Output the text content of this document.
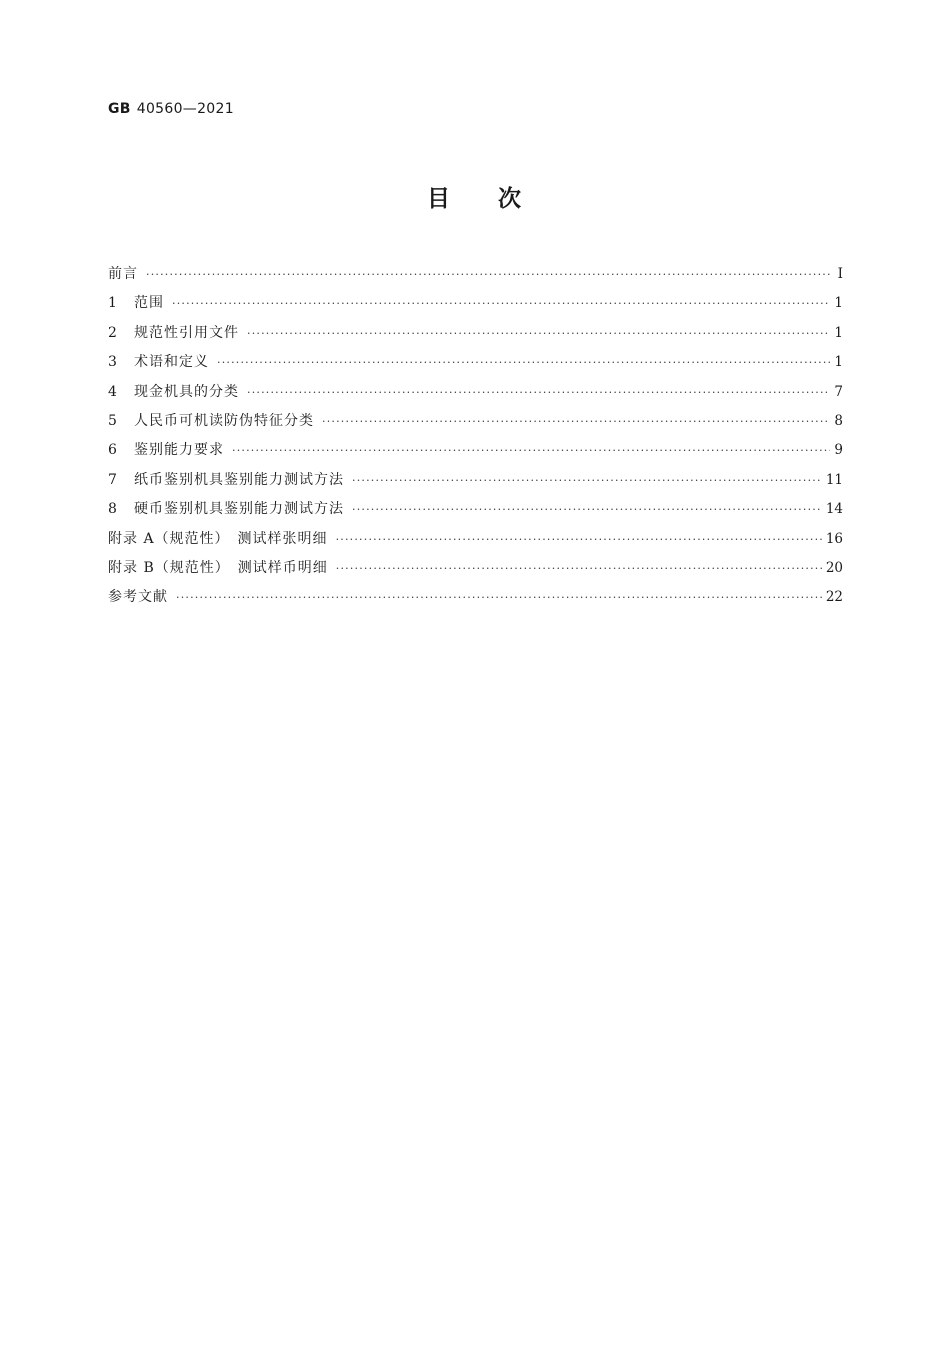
GB 40560—2021
目 次
前言 ·····	Ⅰ
1	范围 ·····	1
2	规范性引用文件 ·····	1
3	术语和定义 ·····	1
4	现金机具的分类 ·····	7
5	人民币可机读防伪特征分类 ·····	8
6	鉴别能力要求 ·····	9
7	纸币鉴别机具鉴别能力测试方法 ·····	11
8	硬币鉴别机具鉴别能力测试方法 ·····	14
附录 A（规范性）　测试样张明细 ·····	16
附录 B（规范性）　测试样币明细 ·····	20
参考文献 ·····	22
